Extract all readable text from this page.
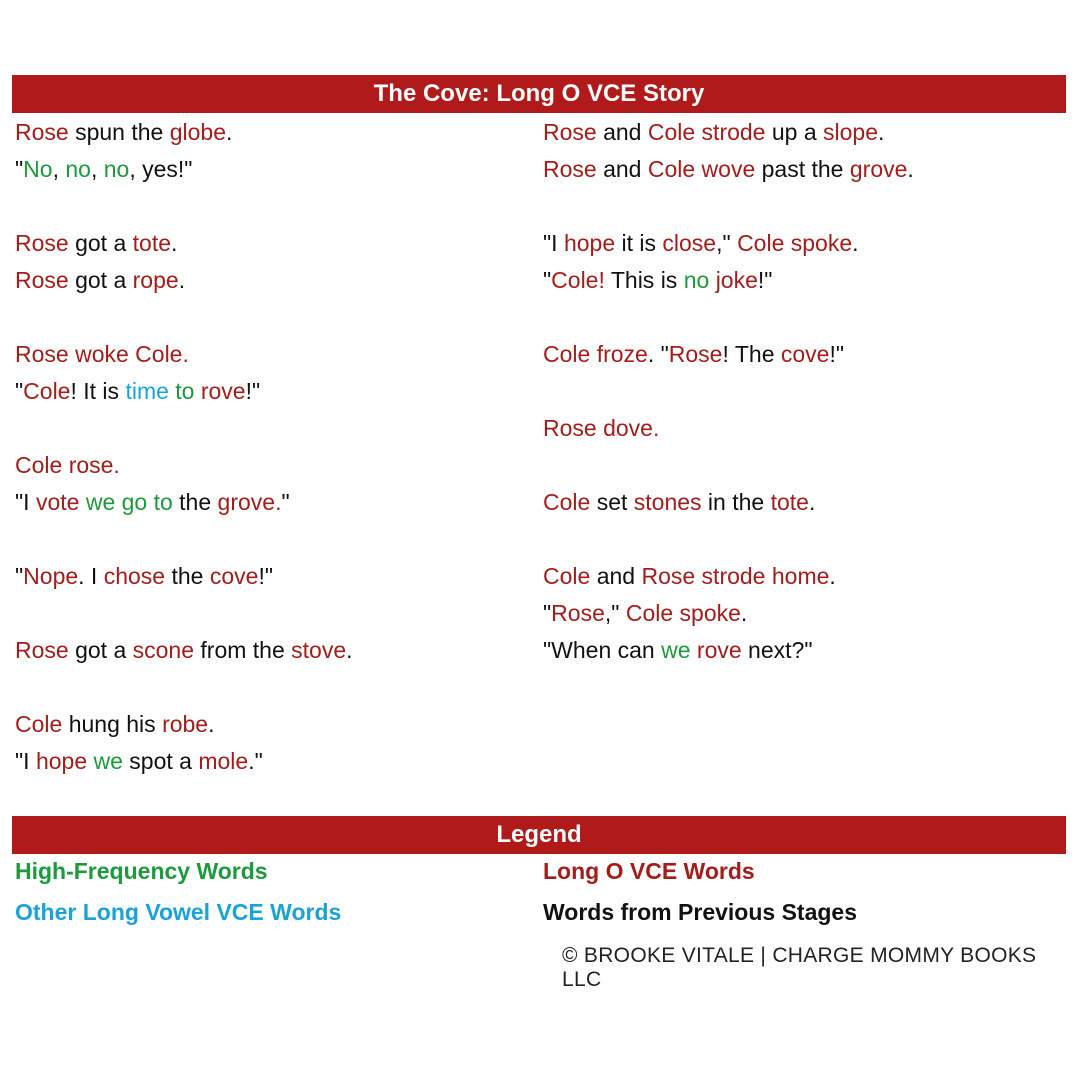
The Cove: Long O VCE Story
Rose spun the globe.
"No, no, no, yes!"

Rose got a tote.
Rose got a rope.

Rose woke Cole.
"Cole! It is time to rove!"

Cole rose.
"I vote we go to the grove."

"Nope. I chose the cove!"

Rose got a scone from the stove.

Cole hung his robe.
"I hope we spot a mole."
Rose and Cole strode up a slope.
Rose and Cole wove past the grove.

"I hope it is close," Cole spoke.
"Cole! This is no joke!"

Cole froze. "Rose! The cove!"

Rose dove.

Cole set stones in the tote.

Cole and Rose strode home.
"Rose," Cole spoke.
"When can we rove next?"
Legend
High-Frequency Words	Long O VCE Words
Other Long Vowel VCE Words	Words from Previous Stages
© BROOKE VITALE | CHARGE MOMMY BOOKS LLC
